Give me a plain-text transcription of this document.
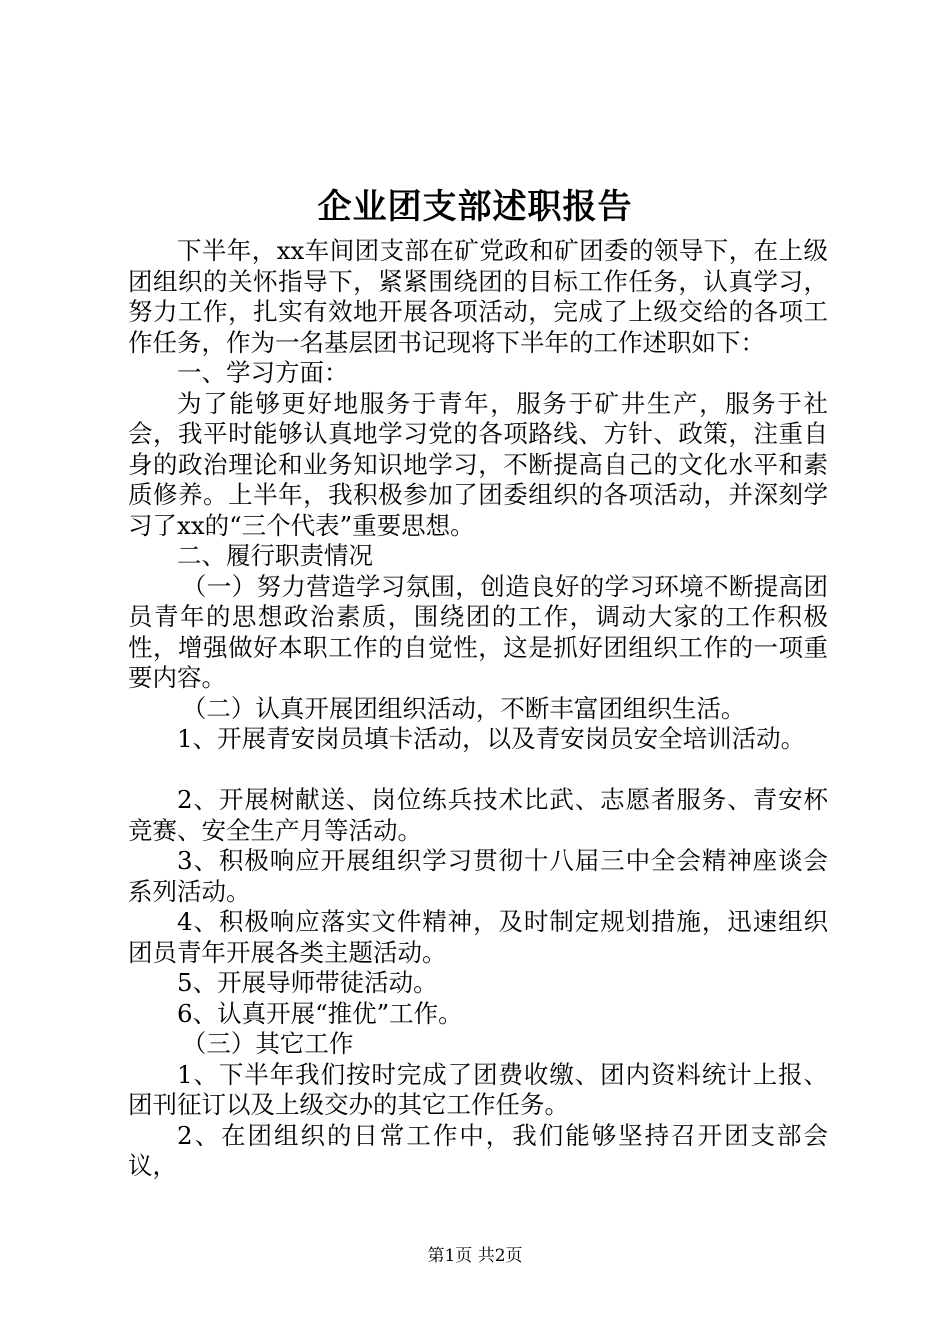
企业团支部述职报告

下半年，xx车间团支部在矿党政和矿团委的领导下，在上级团组织的关怀指导下，紧紧围绕团的目标工作任务，认真学习，努力工作，扎实有效地开展各项活动，完成了上级交给的各项工作任务，作为一名基层团书记现将下半年的工作述职如下：

一、学习方面：

为了能够更好地服务于青年，服务于矿井生产，服务于社会，我平时能够认真地学习党的各项路线、方针、政策，注重自身的政治理论和业务知识地学习，不断提高自己的文化水平和素质修养。上半年，我积极参加了团委组织的各项活动，并深刻学习了xx的“三个代表”重要思想。

二、履行职责情况

（一）努力营造学习氛围，创造良好的学习环境不断提高团员青年的思想政治素质，围绕团的工作，调动大家的工作积极性，增强做好本职工作的自觉性，这是抓好团组织工作的一项重要内容。

（二）认真开展团组织活动，不断丰富团组织生活。

1、开展青安岗员填卡活动，以及青安岗员安全培训活动。

2、开展树献送、岗位练兵技术比武、志愿者服务、青安杯竞赛、安全生产月等活动。

3、积极响应开展组织学习贯彻十八届三中全会精神座谈会系列活动。

4、积极响应落实文件精神，及时制定规划措施，迅速组织团员青年开展各类主题活动。

5、开展导师带徒活动。

6、认真开展“推优”工作。

（三）其它工作

1、下半年我们按时完成了团费收缴、团内资料统计上报、团刊征订以及上级交办的其它工作任务。

2、在团组织的日常工作中，我们能够坚持召开团支部会议，

第1页 共2页
